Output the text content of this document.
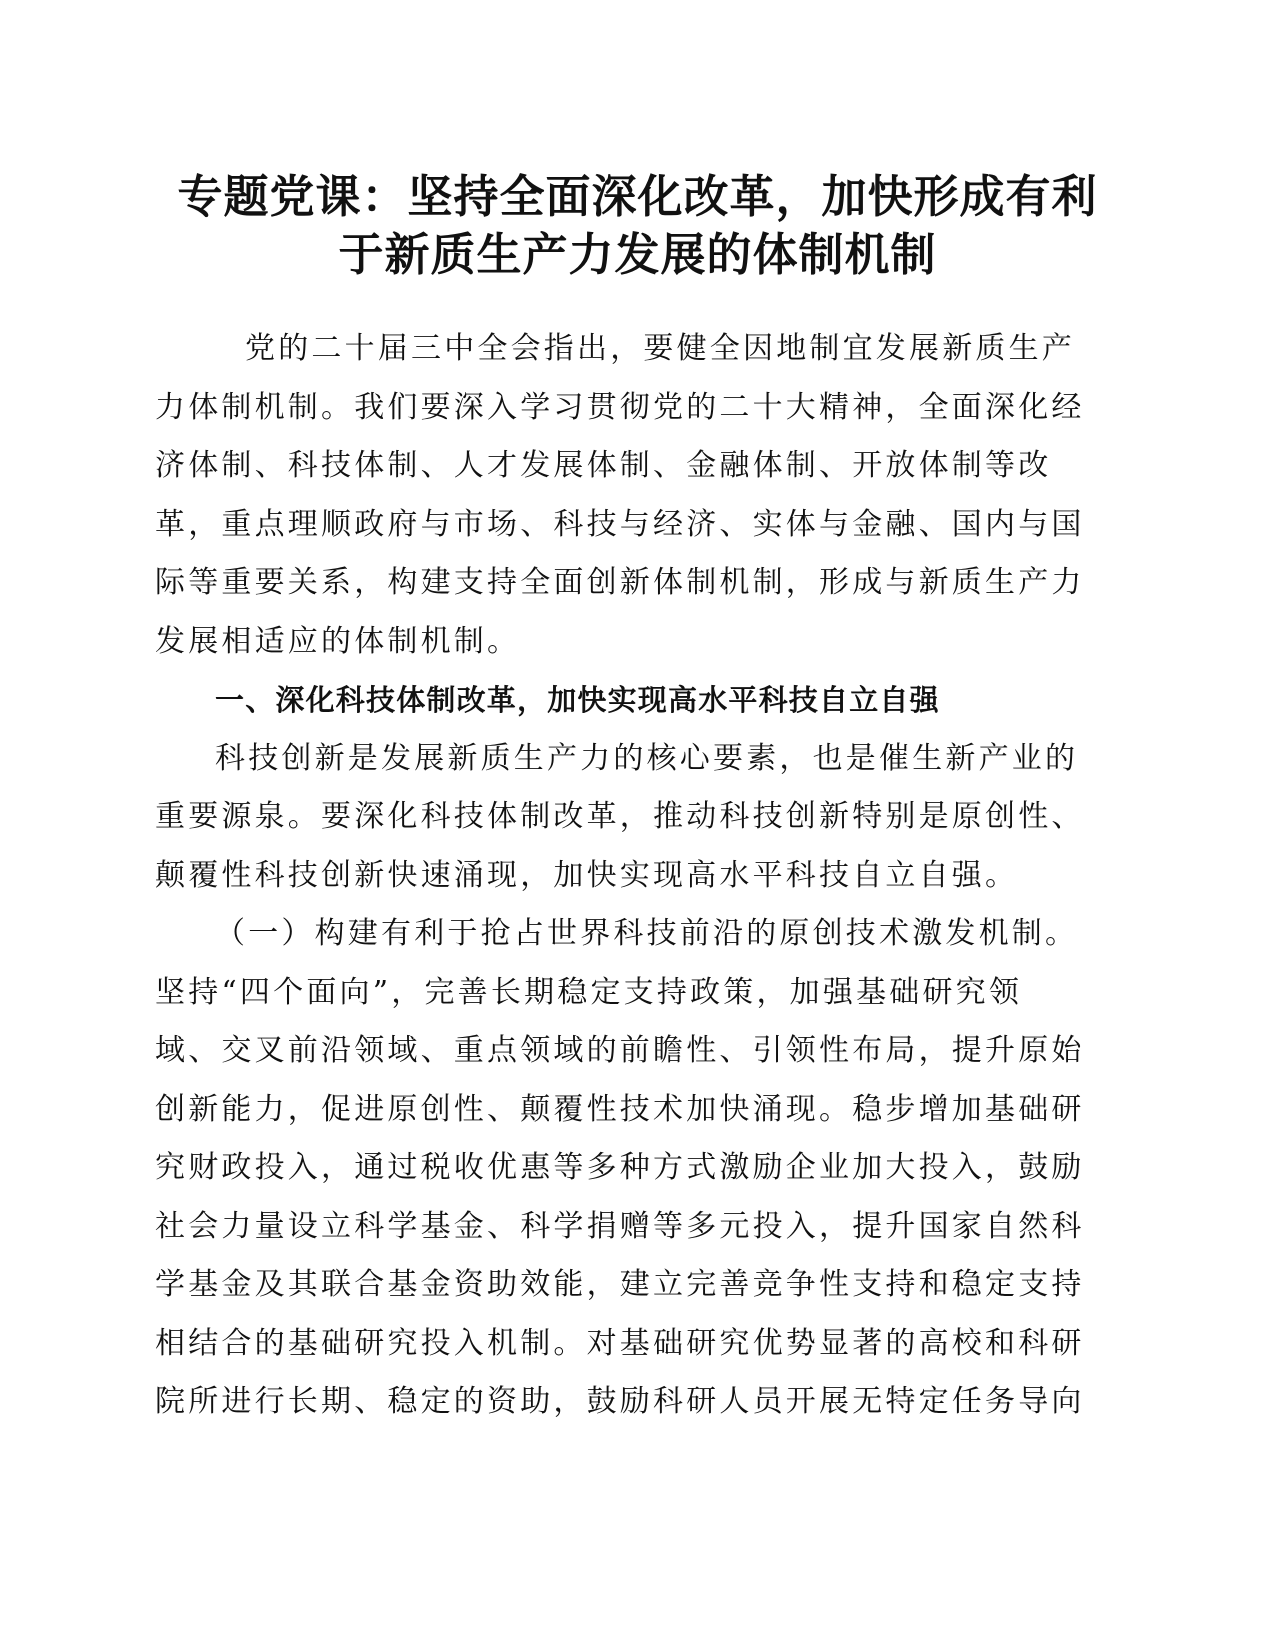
专题党课：坚持全面深化改革，加快形成有利
于新质生产力发展的体制机制
党的二十届三中全会指出，要健全因地制宜发展新质生产
力体制机制。我们要深入学习贯彻党的二十大精神，全面深化经
济体制、科技体制、人才发展体制、金融体制、开放体制等改
革，重点理顺政府与市场、科技与经济、实体与金融、国内与国
际等重要关系，构建支持全面创新体制机制，形成与新质生产力
发展相适应的体制机制。
一、深化科技体制改革，加快实现高水平科技自立自强
科技创新是发展新质生产力的核心要素，也是催生新产业的
重要源泉。要深化科技体制改革，推动科技创新特别是原创性、
颠覆性科技创新快速涌现，加快实现高水平科技自立自强。
（一）构建有利于抢占世界科技前沿的原创技术激发机制。
坚持“四个面向”，完善长期稳定支持政策，加强基础研究领
域、交叉前沿领域、重点领域的前瞻性、引领性布局，提升原始
创新能力，促进原创性、颠覆性技术加快涌现。稳步增加基础研
究财政投入，通过税收优惠等多种方式激励企业加大投入，鼓励
社会力量设立科学基金、科学捐赠等多元投入，提升国家自然科
学基金及其联合基金资助效能，建立完善竞争性支持和稳定支持
相结合的基础研究投入机制。对基础研究优势显著的高校和科研
院所进行长期、稳定的资助，鼓励科研人员开展无特定任务导向
